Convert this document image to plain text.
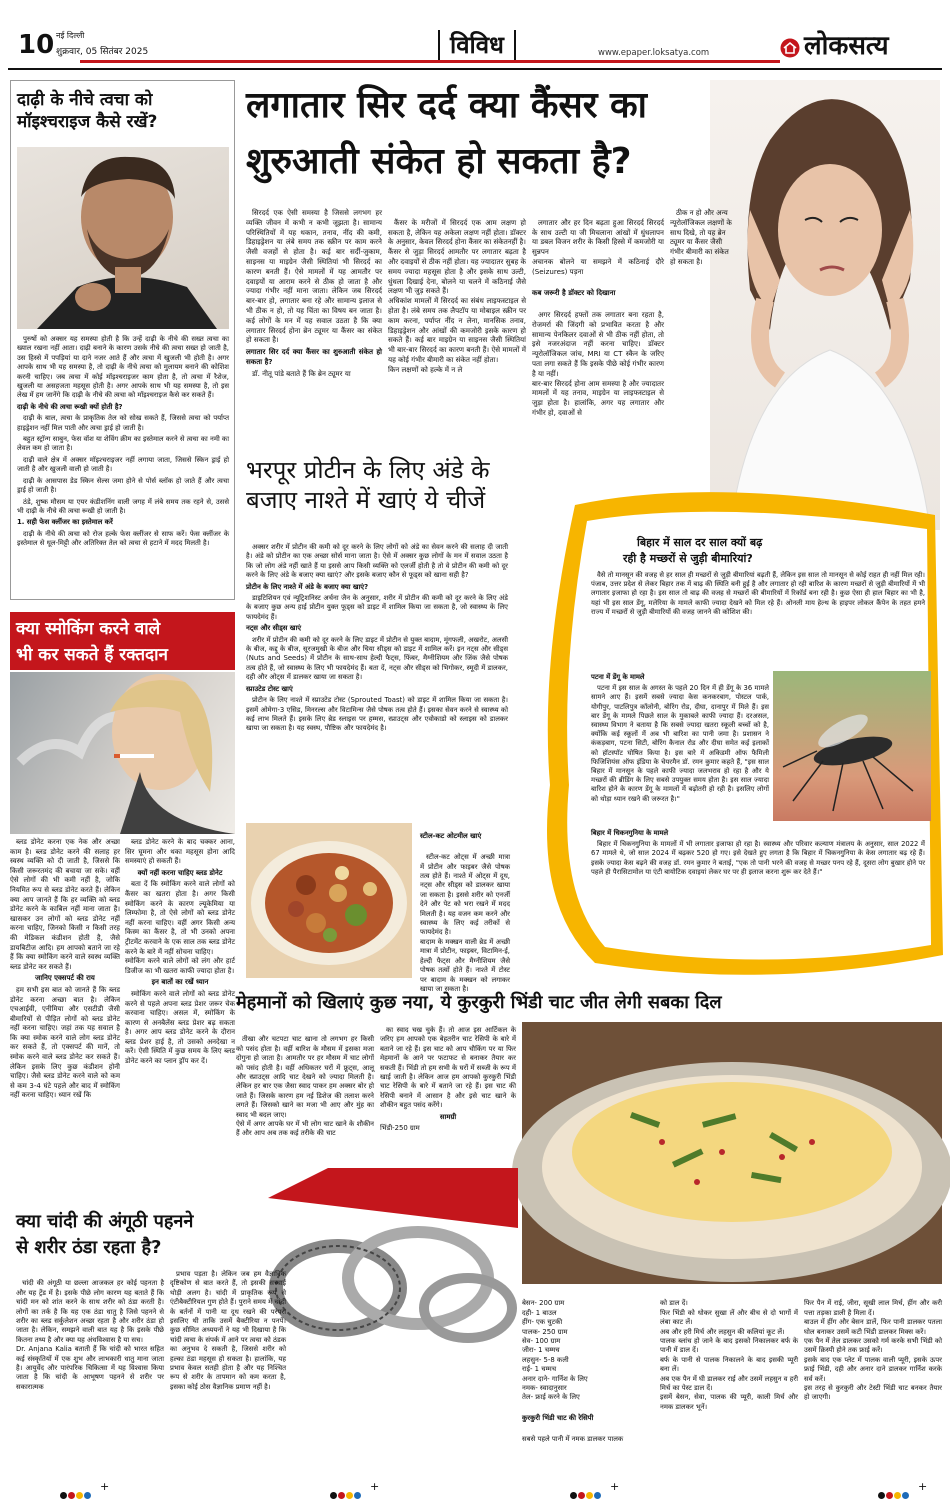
10 नई दिल्ली
शुक्रवार, 05 सितंबर 2025	विविध	www.epaper.loksatya.com	लोकसत्य
दाढ़ी के नीचे त्वचा को मॉइश्चराइज कैसे रखें?

पुरुषों को अक्सर यह समस्या होती है कि उन्हें दाढ़ी के नीचे की सख्त त्वचा का ख्याल रखना नहीं आता। दाढ़ी बनाने के कारण उसके नीचे की त्वचा सख्त हो जाती है, उस हिस्से में पपड़ियां या दाने नजर आते हैं और त्वचा में खुजली भी होती है। अगर आपके साथ भी यह समस्या है, तो दाढ़ी के नीचे त्वचा को मुलायम बनाने की कोशिश करनी चाहिए। जब त्वचा में कोई मॉइश्चराइजर काम होता है, तो त्वचा में रैशेज, खुजली या असहजता महसूस होती है। अगर आपके साथ भी यह समस्या है, तो इस लेख में हम जानेंगे कि दाढ़ी के नीचे की त्वचा को मॉइश्चराइज कैसे कर सकते हैं।

दाढ़ी के नीचे की त्वचा रूखी क्यों होती है?

दाढ़ी के बाल, त्वचा के प्राकृतिक तेल को सोख सकते हैं, जिससे त्वचा को पर्याप्त हाइड्रेशन नहीं मिल पाती और त्वचा ड्राई हो जाती है।

बहुत स्ट्रॉन्ग साबुन, फेस वॉश या शेविंग क्रीम का इस्तेमाल करने से त्वचा का नमी का लेवल कम हो जाता है।

दाढ़ी वाले क्षेत्र में अक्सर मॉइश्चराइजर नहीं लगाया जाता, जिससे स्किन ड्राई हो जाती है और खुजली वाली हो जाती है।

दाढ़ी के आसपास डेड स्किन सेल्स जमा होने से पोर्स ब्लॉक हो जाते हैं और त्वचा ड्राई हो जाती है।

ठंडे, शुष्क मौसम या एयर कंडीशनिंग वाली जगह में लंबे समय तक रहने से, उससे भी दाढ़ी के नीचे की त्वचा रूखी हो जाती है।

1. सही फेस क्लींजर का इस्तेमाल करें

दाढ़ी के नीचे की त्वचा को रोज हल्के फेस क्लींजर से साफ करें। फेस क्लींजर के इस्तेमाल से धूल-मिट्टी और अतिरिक्त तेल को त्वचा से हटाने में मदद मिलती है।

क्या स्मोकिंग करने वाले
भी कर सकते हैं रक्तदान

ब्लड डोनेट करना एक नेक और अच्छा काम है। ब्लड डोनेट करने की सलाह हर स्वस्थ व्यक्ति को दी जाती है, जिससे कि किसी जरूरतमंद की बचाया जा सके। वहीं ऐसे लोगों की भी कमी नहीं है, जोकि नियमित रूप से ब्लड डोनेट करते हैं। लेकिन क्या आप जानते हैं कि हर व्यक्ति को ब्लड डोनेट करने के काबिल नहीं माना जाता है। खासकर उन लोगों को ब्लड डोनेट नहीं करना चाहिए, जिनको किसी न किसी तरह की मेडिकल कंडीशन होती है, जैसे डायबिटीज आदि। हम आपको बताने जा रहे हैं कि क्या स्मोकिंग करने वाले स्वस्थ व्यक्ति ब्लड डोनेट कर सकते हैं।

जानिए एक्सपर्ट की राय

हम सभी इस बात को जानते हैं कि ब्लड डोनेट करना अच्छा बात है। लेकिन एचआईवी, एनीमिया और एसटीडी जैसी बीमारियों से पीड़ित लोगों को ब्लड डोनेट नहीं करना चाहिए। जहां तक यह सवाल है कि क्या स्मोक करने वाले लोग ब्लड डोनेट कर सकते हैं, तो एक्सपर्ट की मानें, तो स्मोक करने वाले ब्लड डोनेट कर सकते हैं। लेकिन इसके लिए कुछ कंडीशन होनी चाहिए। जैसे ब्लड डोनेट करने वाले को कम से कम 3-4 घंटे पहले और बाद में स्मोकिंग नहीं करना चाहिए। ध्यान रखें कि

ब्लड डोनेट करने के बाद चक्कर आना, सिर घूमना और थका महसूस होना आदि समस्याएं हो सकती हैं।

क्यों नहीं करना चाहिए ब्लड डोनेट

बता दें कि स्मोकिंग करने वाले लोगों को कैंसर का खतरा होता है। अगर किसी स्मोकिंग करने के कारण ल्यूकेमिया या लिम्फोमा है, तो ऐसे लोगों को ब्लड डोनेट नहीं करना चाहिए। वहीं अगर किसी अन्य किस्म का कैंसर है, तो भी उनको अपना ट्रीटमेंट करवाने के एक साल तक ब्लड डोनेट करने के बारे में नहीं सोचना चाहिए।
स्मोकिंग करने वाले लोगों को लंग और हार्ट डिजीज का भी खतरा काफी ज्यादा होता है।

इन बातों का रखें ध्यान

स्मोकिंग करने वाले लोगों को ब्लड डोनेट करने से पहले अपना ब्लड प्रेशर जरूर चेक करवाना चाहिए। असल में, स्मोकिंग के कारण से अनबैलेंस ब्लड प्रेशर बढ़ सकता है। अगर आप ब्लड डोनेट करने के दौरान ब्लड प्रेशर हाई है, तो उसको अनदेखा न करें। ऐसी स्थिति में कुछ समय के लिए ब्लड डोनेट करने का प्लान ड्रॉप कर दें।

लगातार सिर दर्द क्या कैंसर का
शुरुआती संकेत हो सकता है?

सिरदर्द एक ऐसी समस्या है जिससे लगभग हर व्यक्ति जीवन में कभी न कभी जूझता है। सामान्य परिस्थितियों में यह थकान, तनाव, नींद की कमी, डिहाइड्रेशन या लंबे समय तक स्क्रीन पर काम करने जैसी वजहों से होता है। कई बार सर्दी-जुकाम, साइनस या माइग्रेन जैसी स्थितियां भी सिरदर्द का कारण बनती हैं। ऐसे मामलों में यह आमतौर पर दवाइयों या आराम करने से ठीक हो जाता है और ज्यादा गंभीर नहीं माना जाता। लेकिन जब सिरदर्द बार-बार हो, लगातार बना रहे और सामान्य इलाज से भी ठीक न हो, तो यह चिंता का विषय बन जाता है। कई लोगों के मन में यह सवाल उठता है कि क्या लगातार सिरदर्द होना ब्रेन ट्यूमर या कैंसर का संकेत हो सकता है।

लगातार सिर दर्द क्या कैंसर का शुरुआती संकेत हो सकता है?

डॉ. नीतू पांडे बताते हैं कि ब्रेन ट्यूमर या

कैंसर के मरीजों में सिरदर्द एक आम लक्षण हो सकता है, लेकिन यह अकेला लक्षण नहीं होता। डॉक्टर के अनुसार, केवल सिरदर्द होना कैंसर का संकेतनहीं है। कैंसर से जुड़ा सिरदर्द आमतौर पर लगातार बढ़ता है और दवाइयों से ठीक नहीं होता। यह ज्यादातर सुबह के समय ज्यादा महसूस होता है और इसके साथ उल्टी, धुंधला दिखाई देना, बोलने या चलने में कठिनाई जैसे लक्षण भी जुड़ सकते हैं।
अधिकांश मामलों में सिरदर्द का संबंध लाइफस्टाइल से होता है। लंबे समय तक लैपटॉप या मोबाइल स्क्रीन पर काम करना, पर्याप्त नींद न लेना, मानसिक तनाव, डिहाइड्रेशन और आंखों की कमजोरी इसके कारण हो सकते हैं। कई बार माइग्रेन या साइनस जैसी स्थितियां भी बार-बार सिरदर्द का कारण बनती हैं। ऐसे मामलों में यह कोई गंभीर बीमारी का संकेत नहीं होता।
किन लक्षणों को हल्के में न ले

लगातार और हर दिन बढ़ता हुआ सिरदर्द सिरदर्द के साथ उल्टी या जी मिचलाना आंखों में धुंधलापन या डबल विजन शरीर के किसी हिस्से में कमजोरी या सुन्नपन
अचानक बोलने या समझने में कठिनाई दौरे (Seizures) पड़ना

कब जरूरी है डॉक्टर को दिखाना

अगर सिरदर्द हफ्तों तक लगातार बना रहता है, रोजमर्रा की जिंदगी को प्रभावित करता है और सामान्य पेनकिलर दवाओं से भी ठीक नहीं होता, तो इसे नजरअंदाज नहीं करना चाहिए। डॉक्टर न्यूरोलॉजिकल जांच, MRI या CT स्कैन के जरिए पता लगा सकते हैं कि इसके पीछे कोई गंभीर कारण है या नहीं।
बार-बार सिरदर्द होना आम समस्या है और ज्यादातर मामलों में यह तनाव, माइग्रेन या लाइफस्टाइल से जुड़ा होता है। हालांकि, अगर यह लगातार और गंभीर हो, दवाओं से

ठीक न हो और अन्य न्यूरोलॉजिकल लक्षणों के साथ दिखे, तो यह ब्रेन ट्यूमर या कैंसर जैसी गंभीर बीमारी का संकेत हो सकता है।

भरपूर प्रोटीन के लिए अंडे के
बजाए नाश्ते में खाएं ये चीजें

अक्सर शरीर में प्रोटीन की कमी को दूर करने के लिए लोगों को अंडे का सेवन करने की सलाह दी जाती है। अंडे को प्रोटीन का एक अच्छा सोर्स माना जाता है। ऐसे में अक्सर कुछ लोगों के मन में सवाल उठता है कि जो लोग अंडे नहीं खाते हैं या इससे आप किसी व्यक्ति को एलर्जी होती है तो वे प्रोटीन की कमी को दूर करने के लिए अंडे के बजाए क्या खाएं? और इसके बजाए कौन से फूड्स को खाना सही है?

प्रोटीन के लिए नाश्ते में अंडे के बजाए क्या खाएं?

डाइटिशियन एवं न्यूट्रिशनिस्ट अर्चना जैन के अनुसार, शरीर में प्रोटीन की कमी को दूर करने के लिए अंडे के बजाए कुछ अन्य हाई प्रोटीन युक्त फूड्स को डाइट में शामिल किया जा सकता है, जो स्वास्थ्य के लिए फायदेमंद हैं।

नट्स और सीड्स खाएं

शरीर में प्रोटीन की कमी को दूर करने के लिए डाइट में प्रोटीन से युक्त बादाम, मूंगफली, अखरोट, अलसी के बीज, कद्दू के बीज, सूरजमुखी के बीज और चिया सीड्स को डाइट में शामिल करें। इन नट्स और सीड्स (Nuts and Seeds) में प्रोटीन के साथ-साथ हेल्दी फैट्स, फिंबर, मैग्नीशियम और जिंक जैसे पोषक तत्व होते हैं, जो स्वास्थ्य के लिए भी फायदेमंद हैं। बता दें, नट्स और सीड्स को भिगोकर, स्मूदी में डालकर, दही और ओट्स में डालकर खाया जा सकता है।

स्प्राउटेड टोस्ट खाएं

प्रोटीन के लिए नाश्ते में स्प्राउटेड टोस्ट (Sprouted Toast) को डाइट में शामिल किया जा सकता है। इसमें ओमेगा-3 एसिड, मिनरल्स और विटामिन्स जैसे पोषक तत्व होते हैं। इसका सेवन करने से स्वास्थ्य को कई लाभ मिलते हैं। इसके लिए ब्रेड स्लाइस पर हम्मस, स्प्राउट्स और एवोकाडो को स्लाइस को डालकर खाया जा सकता है। यह स्वस्थ, पौष्टिक और फायदेमंद है।

स्टील-कट ओटमील खाएं

स्टील-कट ओट्स में अच्छी मात्रा में प्रोटीन और फाइबर जैसे पोषक तत्व होते हैं। नाश्ते में ओट्स में दूध, नट्स और सीड्स को डालकर खाया जा सकता है। इससे शरीर को एनर्जी देने और पेट को भरा रखने में मदद मिलती है। यह वजन कम करने और स्वास्थ्य के लिए कई तरीकों से फायदेमंद है।
बादाम के मक्खन वाली ब्रेड में अच्छी मात्रा में प्रोटीन, फाइबर, विटामिन-ई, हेल्दी फैट्स और मैग्नीशियम जैसे पोषक तत्वों होते हैं। नाश्ते में टोस्ट पर बादाम के मक्खन को लगाकर खाया जा सकता है।

बिहार में साल दर साल क्यों बढ़
रही है मच्छरों से जुड़ी बीमारियां?

वैसे तो मानसून की वजह से हर साल ही मच्छरों से जुड़ी बीमारियां बढ़ती हैं, लेकिन इस साल तो मानसून से कोई राहत ही नहीं मिल रही। पंजाब, उत्तर प्रदेश से लेकर बिहार तक में बाढ़ की स्थिति बनी हुई है और लगातार हो रही बारिश के कारण मच्छरों से जुड़ी बीमारियों में भी लगातार इजाफा हो रहा है। इस साल तो बाढ़ की वजह से मच्छरों की बीमारियों में रिकॉर्ड बना रही है। कुछ ऐसा ही हाल बिहार का भी है, यहां भी इस साल डेंगू, मलेरिया के मामले काफी ज्यादा देखने को मिल रहे हैं। ओनली माय हेल्थ के हाइपर लोकल कैंपेन के तहत हमने राज्य में मच्छरों से जुड़ी बीमारियों की वजह जानने की कोशिश की।

पटना में डेंगू के मामले

पटना में इस साल के अगस्त के पहले 20 दिन में ही डेंगू के 36 मामले सामने आए हैं। इसमें सबसे ज्यादा केस कनकरबाग, पोस्टल पार्क, योगीपुर, पाटलिपुत्र कॉलोनी, बोरिंग रोड, दीघा, दानापुर में मिले हैं। इस बार डेंगू के मामले पिछले साल के मुकाबले काफी ज्यादा हैं। दरअसल, स्वास्थ्य विभाग ने बताया है कि सबसे ज्यादा खतरा स्कूली बच्चों को है, क्योंकि कई स्कूलों में अब भी बारिश का पानी जमा है। प्रशासन ने कंकड़बाग, पटना सिटी, बोरिंग कैनाल रोड और दीघा समेत कई इलाकों को हॉटस्पॉट घोषित किया है। इस बारे में अकिडमी ऑफ फैमिली फिजिशियंस ऑफ इंडिया के चेयरमैन डॉ. रमन कुमार कहते हैं, "इस साल बिहार में मानसून के पहले काफी ज्यादा जलभराव हो रहा है और ये मच्छरों की ब्रीडिंग के लिए सबसे उपयुक्त समय होता है। इस साल ज्यादा बारिश होने के कारण डेंगू के मामलों में बढ़ोतरी हो रही है। इसलिए लोगों को थोड़ा ध्यान रखने की जरूरत है।"

बिहार में चिकनगुनिया के मामले

बिहार में चिकनगुनिया के मामलों में भी लगातार इजाफा हो रहा है। स्वास्थ्य और परिवार कल्याण मंत्रालय के अनुसार, साल 2022 में 67 मामले थे, जो साल 2024 में बढ़कर 520 हो गए। इसे देखते हुए लगता है कि बिहार में चिकनगुनिया के केस लगातार बढ़ रहे हैं। इसके ज्यादा केस बढ़ने की वजह डॉ. रमन कुमार ने बताई, "एक तो पानी भरने की वजह से मच्छर पनप रहे हैं, दूसरा लोग बुखार होने पर पहले ही पैरासिटामोल या एंटी बायोटिक दवाइयां लेकर घर पर ही इलाज करना शुरू कर देते हैं।"

मेहमानों को खिलाएं कुछ नया, ये कुरकुरी भिंडी चाट जीत लेगी सबका दिल

तीखा और चटपटा चाट खाना तो लगभग हर किसी को पसंद होता है। वहीं बारिश के मौसम में इसका मजा दोगुना हो जाता है। आमतौर पर हर मौसम में चाट लोगों को पसंद होती है। वहीं अधिकतर घरों में फ्रूट्स, आलू और स्प्राउट्स आदि चाट देखने को ज्यादा मिलती है। लेकिन हर बार एक जैसा स्वाद पाकर हम अक्सर बोर हो जाते हैं। जिसके कारण हम नई डिशेज की तलाश करने लगते हैं। जिसको खाने का मजा भी आए और मुंह का स्वाद भी बदल जाए।
ऐसे में अगर आपके घर में भी लोग चाट खाने के शौकीन हैं और आप अब तक कई तरीके की चाट

का स्वाद चख चुके हैं। तो आज इस आर्टिकल के जरिए हम आपको एक बेहतरीन चाट रेसिपी के बारे में बताने जा रहे हैं। इस चाट को आप चौकिंग पर या फिर मेहमानों के आने पर फटाफट से बनाकर तैयार कर सकती हैं। भिंडी तो हम सभी के घरों में सब्जी के रूप में खाई जाती है। लेकिन आज हम आपको कुरकुरी भिंडी चाट रेसिपी के बारे में बताने जा रहे हैं। इस चाट की रेसिपी बनाने में आसान है और इसे चाट खाने के शौकीन बहुत पसंद करेंगे।

सामग्री

भिंडी-250 ग्राम

बेसन- 200 ग्राम
दही- 1 बाउल
हींग- एक चुटकी
पालक- 250 ग्राम
सेव- 100 ग्राम
जीरा- 1 चम्मच
लहसुन- 5-8 कली
राई- 1 चम्मच
अनार दाने- गार्निश के लिए
नमक- स्वादानुसार
तेल- फ्राई करने के लिए

कुरकुरी भिंडी चाट की रेसिपी

सबसे पहले पानी में नमक डालकर पालक

को डाल दें।
फिर भिंडी को धोकर सुखा लें और बीच से दो भागों में लंबा काट लें।
अब और हरी मिर्च और लहसुन की कलियां कूट लें।
पालक ब्लांच हो जाने के बाद इसको निकालकर बर्फ के पानी में डाल दें।
बर्फ के पानी से पालक निकालने के बाद इसकी प्यूरी बना लें।
अब एक पैन में घी डालकर राई और उसमें लहसुन व हरी मिर्च का पेस्ट डाल दें।
इसमें बेसन, सेवा, पालक की प्यूरी, काली मिर्च और नमक डालकर भूनें।

फिर पैन में राई, जीरा, सूखी लाल मिर्च, हींग और करी पत्ता तड़का डाली है मिला दें।
बाउल में हींग और बेसन डालें, फिर पानी डालकर पतला घोल बनाकर उसमें कटी भिंडी डालकर मिक्स करें।
एक पैन में तेल डालकर उसको गर्म करके सभी भिंडी को उसमें क्रिस्पी होने तक फ्राई करें।
इसके बाद एक प्लेट में पालक वाली प्यूरी, इसके ऊपर फ्राई भिंडी, दही और अनार दाने डालकर गार्निश करके सर्व करें।
इस तरह से कुरकुरी और टेस्टी भिंडी चाट बनकर तैयार हो जाएगी।

क्या चांदी की अंगूठी पहनने
से शरीर ठंडा रहता है?

चांदी की अंगूठी या छल्ला आजकल हर कोई पहनता है और यह ट्रेंड में है। इसके पीछे लोग कारण यह बताते हैं कि चांदी मन को शांत करने के साथ शरीर को ठंडा करती है। लोगों का तर्क है कि यह एक ठंडा धातु है जिसे पहनने से शरीर का ब्लड सर्कुलेशन अच्छा रहता है और शरीर ठंडा हो जाता है। लेकिन, समझने वाली बात यह है कि इसके पीछे कितना तथ्य है और क्या यह अंधविश्वास है या सच।
Dr. Anjana Kalia बताती हैं कि चांदी को भारत सहित कई संस्कृतियों में एक शुभ और लाभकारी धातु माना जाता है। आयुर्वेद और पारंपरिक चिकित्सा में यह विश्वास किया जाता है कि चांदी के आभूषण पहनने से शरीर पर सकारात्मक

प्रभाव पड़ता है। लेकिन जब हम वैज्ञानिक दृष्टिकोण से बात करते हैं, तो इसकी सच्चाई थोड़ी अलग है। चांदी में प्राकृतिक रूप से एंटीबैक्टीरियल गुण होते हैं। पुराने समय में चांदी के बर्तनों में पानी या दूध रखने की परंपरा इसलिए थी ताकि उसमें बैक्टीरिया न पनपें। कुछ सीमित अध्ययनों ने यह भी दिखाया है कि चांदी त्वचा के संपर्क में आने पर त्वचा को ठंडक का अनुभव दे सकती है, जिससे शरीर को हल्का ठंडा महसूस हो सकता है। हालांकि, यह प्रभाव केवल सतही होता है और यह निश्चित रूप से शरीर के तापमान को कम करता है, इसका कोई ठोस वैज्ञानिक प्रमाण नहीं है।

+	+	+	+
